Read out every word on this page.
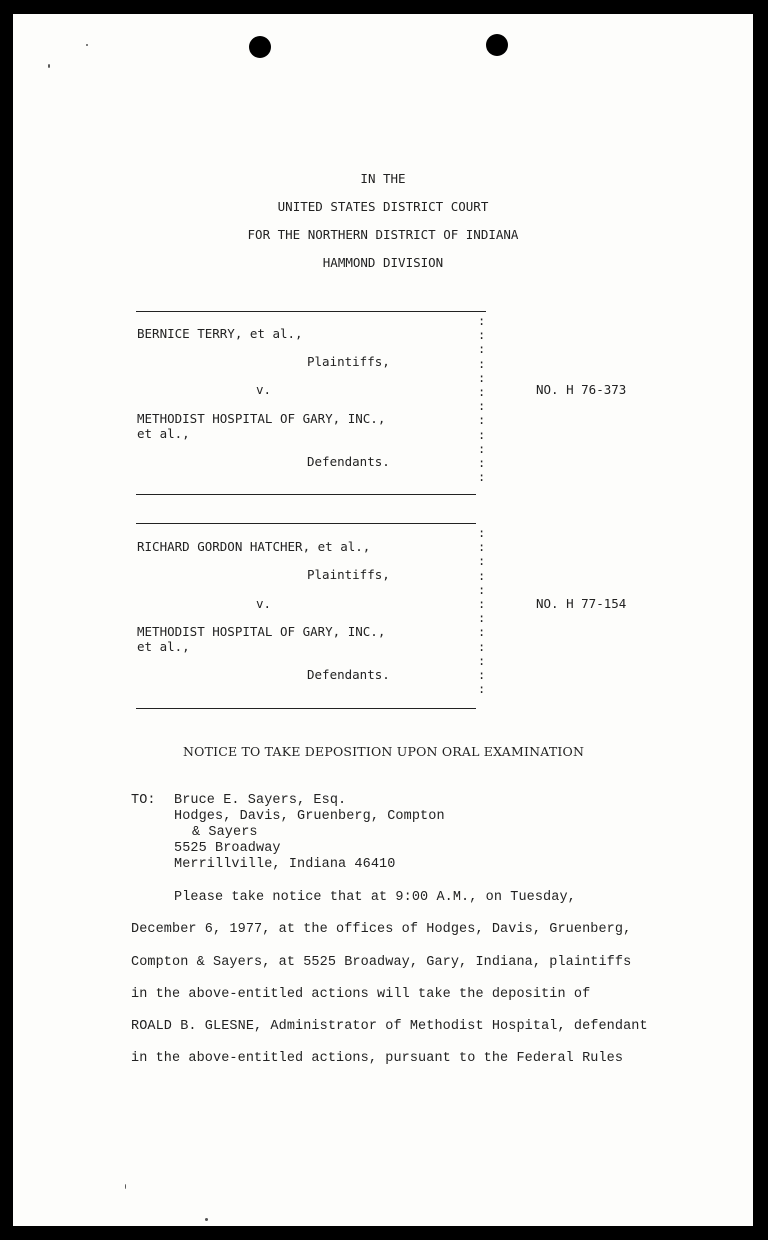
IN THE
UNITED STATES DISTRICT COURT
FOR THE NORTHERN DISTRICT OF INDIANA
HAMMOND DIVISION
:
:
:
:
:
:
:
:
:
:
:
:

BERNICE TERRY, et al.,
Plaintiffs,
v.	NO. H 76-373
METHODIST HOSPITAL OF GARY, INC.,
et al.,
Defendants.
:
:
:
:
:
:
:
:
:
:
:
:

RICHARD GORDON HATCHER, et al.,
Plaintiffs,
v.	NO. H 77-154
METHODIST HOSPITAL OF GARY, INC.,
et al.,
Defendants.
NOTICE TO TAKE DEPOSITION UPON ORAL EXAMINATION
TO: Bruce E. Sayers, Esq.
Hodges, Davis, Gruenberg, Compton
& Sayers
5525 Broadway
Merrillville, Indiana 46410
Please take notice that at 9:00 A.M., on Tuesday,
December 6, 1977, at the offices of Hodges, Davis, Gruenberg,
Compton & Sayers, at 5525 Broadway, Gary, Indiana, plaintiffs
in the above-entitled actions will take the depositin of
ROALD B. GLESNE, Administrator of Methodist Hospital, defendant
in the above-entitled actions, pursuant to the Federal Rules
